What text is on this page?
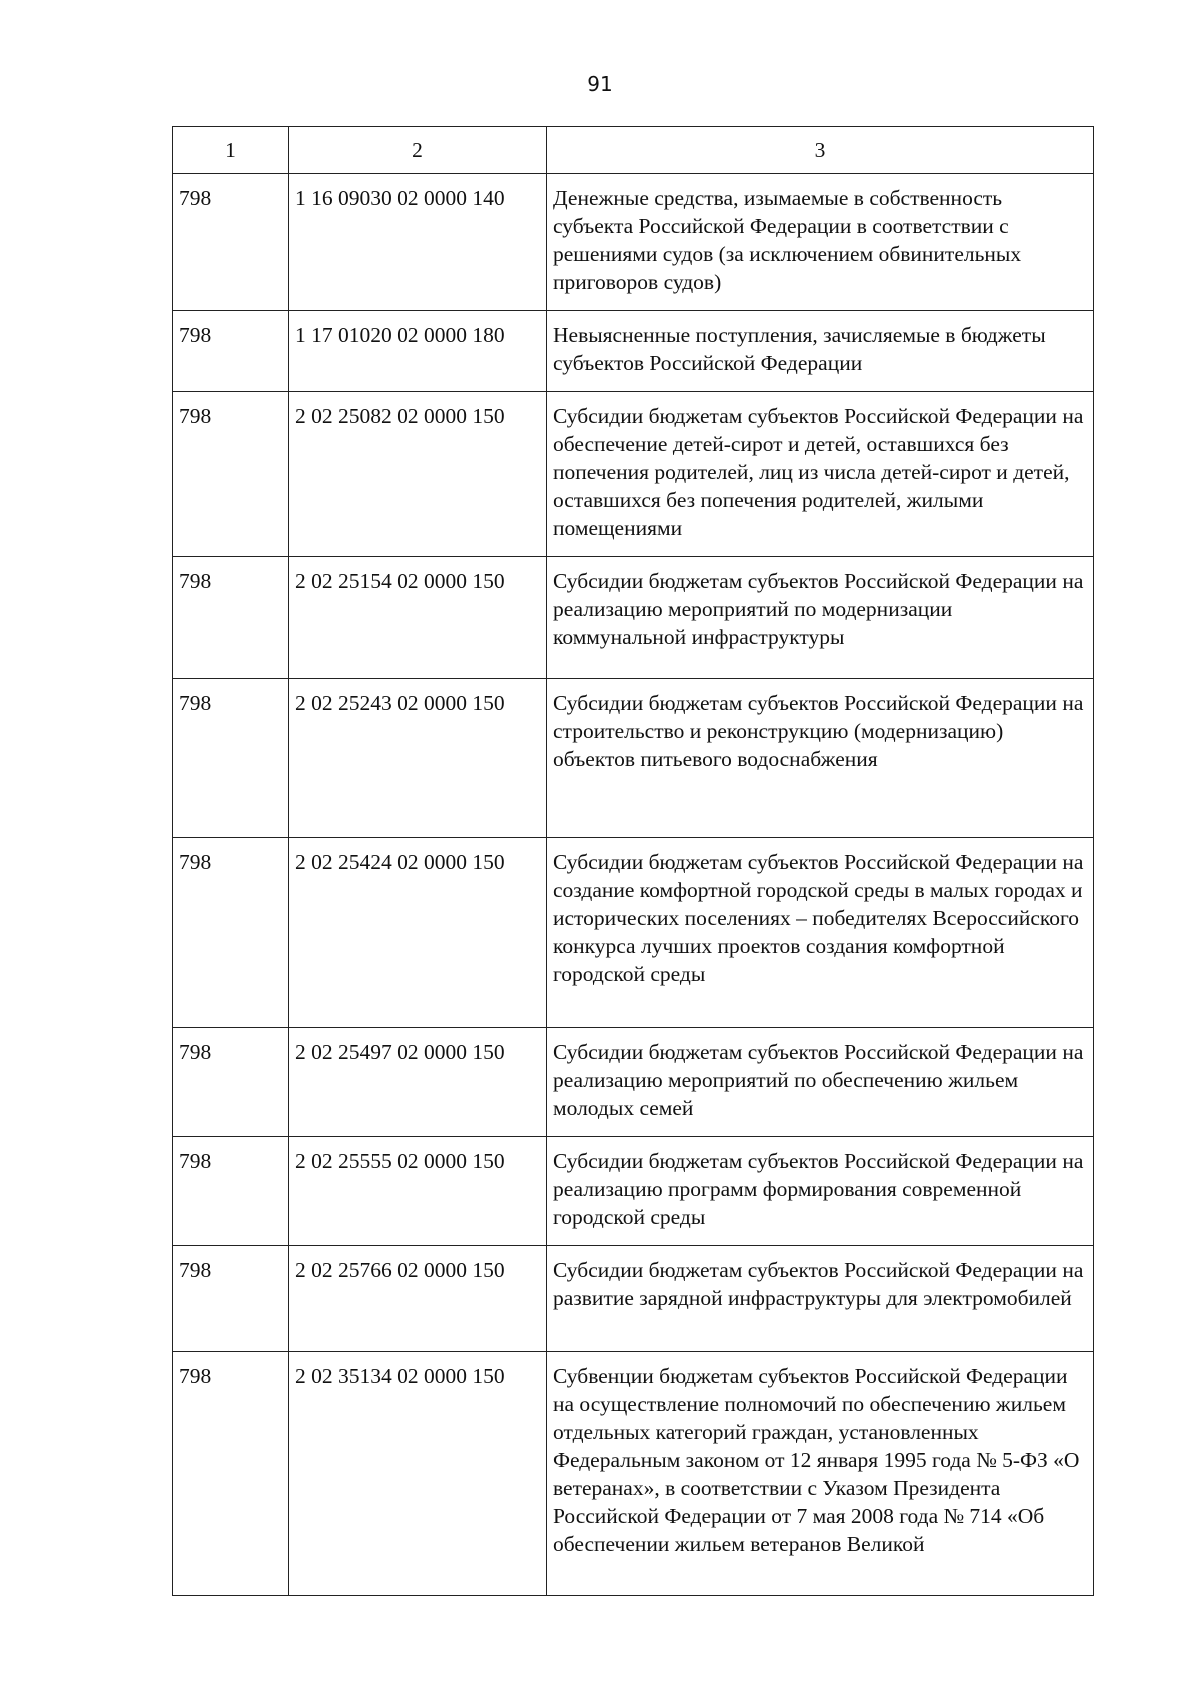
91
1	2	3
798	1 16 09030 02 0000 140	Денежные средства, изымаемые в собственность субъекта Российской Федерации в соответствии с решениями судов (за исключением обвинительных приговоров судов)
798	1 17 01020 02 0000 180	Невыясненные поступления, зачисляемые в бюджеты субъектов Российской Федерации
798	2 02 25082 02 0000 150	Субсидии бюджетам субъектов Российской Федерации на обеспечение детей-сирот и детей, оставшихся без попечения родителей, лиц из числа детей-сирот и детей, оставшихся без попечения родителей, жилыми помещениями
798	2 02 25154 02 0000 150	Субсидии бюджетам субъектов Российской Федерации на реализацию мероприятий по модернизации коммунальной инфраструктуры
798	2 02 25243 02 0000 150	Субсидии бюджетам субъектов Российской Федерации на строительство и реконструкцию (модернизацию) объектов питьевого водоснабжения
798	2 02 25424 02 0000 150	Субсидии бюджетам субъектов Российской Федерации на создание комфортной городской среды в малых городах и исторических поселениях – победителях Всероссийского конкурса лучших проектов создания комфортной городской среды
798	2 02 25497 02 0000 150	Субсидии бюджетам субъектов Российской Федерации на реализацию мероприятий по обеспечению жильем молодых семей
798	2 02 25555 02 0000 150	Субсидии бюджетам субъектов Российской Федерации на реализацию программ формирования современной городской среды
798	2 02 25766 02 0000 150	Субсидии бюджетам субъектов Российской Федерации на развитие зарядной инфраструктуры для электромобилей
798	2 02 35134 02 0000 150	Субвенции бюджетам субъектов Российской Федерации на осуществление полномочий по обеспечению жильем отдельных категорий граждан, установленных Федеральным законом от 12 января 1995 года № 5-ФЗ «О ветеранах», в соответствии с Указом Президента Российской Федерации от 7 мая 2008 года № 714 «Об обеспечении жильем ветеранов Великой
